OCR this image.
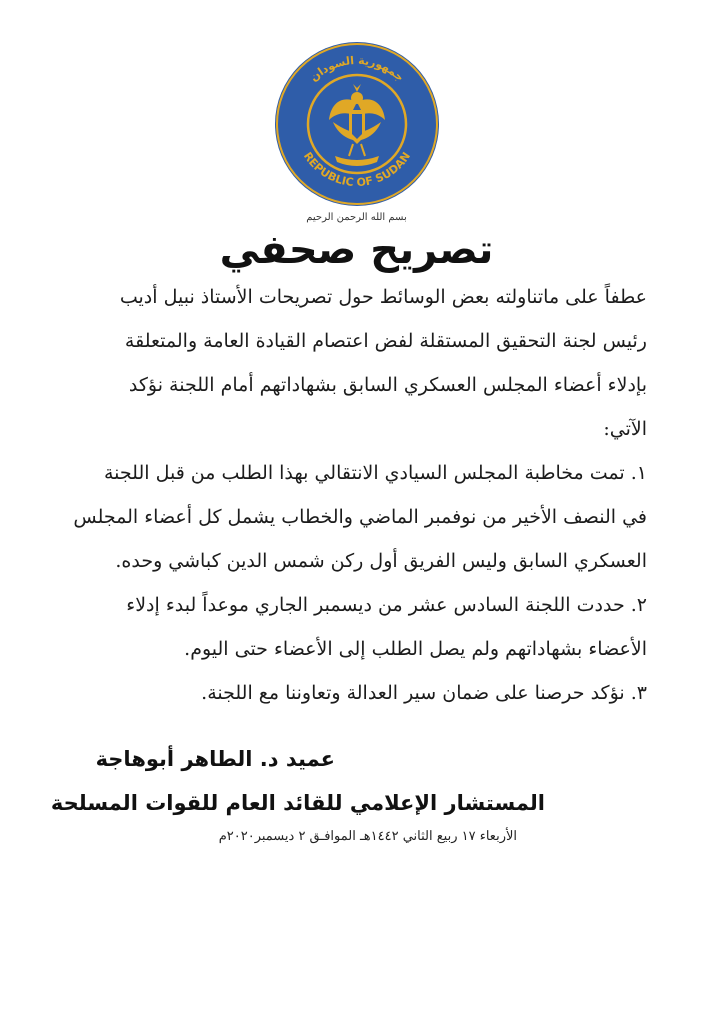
جمهورية السودان
REPUBLIC OF SUDAN
بسم الله الرحمن الرحيم
تصريح صحفي

عطفاً على ماتناولته بعض الوسائط حول تصريحات الأستاذ نبيل أديب

رئيس لجنة التحقيق المستقلة لفض اعتصام القيادة العامة والمتعلقة

بإدلاء أعضاء المجلس العسكري السابق بشهاداتهم أمام اللجنة نؤكد

الآتي:

١. تمت مخاطبة المجلس السيادي الانتقالي بهذا الطلب من قبل اللجنة

في النصف الأخير من نوفمبر الماضي والخطاب يشمل كل أعضاء المجلس

العسكري السابق وليس الفريق أول ركن شمس الدين كباشي وحده.

٢. حددت اللجنة السادس عشر من ديسمبر الجاري موعداً لبدء إدلاء

الأعضاء بشهاداتهم ولم يصل الطلب إلى الأعضاء حتى اليوم.

٣. نؤكد حرصنا على ضمان سير العدالة وتعاوننا مع اللجنة.

عميد د. الطاهر أبوهاجة
المستشار الإعلامي للقائد العام للقوات المسلحة
الأربعاء ١٧ ربيع الثاني ١٤٤٢هـ الموافـق ٢ ديسمبر٢٠٢٠م
